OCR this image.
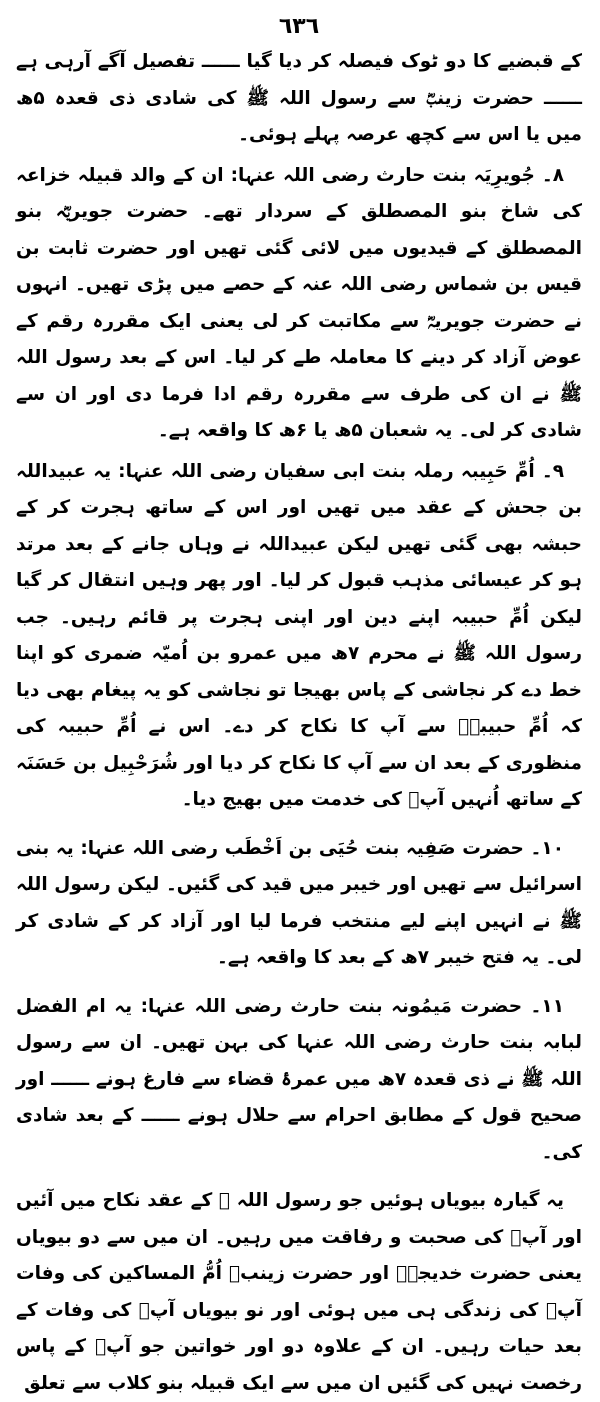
٦٣٦

کے قبضیے کا دو ٹوک فیصلہ کر دیا گیا ــــــ تفصیل آگے آرہی ہے ــــــ حضرت زینبؓ سے رسول اللہ ﷺ کی شادی ذی قعدہ ۵ھ میں یا اس سے کچھ عرصہ پہلے ہوئی۔

۸۔ جُویرِیَہ بنت حارث رضی اللہ عنہا: ان کے والد قبیلہ خزاعہ کی شاخ بنو المصطلق کے سردار تھے۔ حضرت جویریؓہ بنو المصطلق کے قیدیوں میں لائی گئی تھیں اور حضرت ثابت بن قیس بن شماس رضی اللہ عنہ کے حصے میں پڑی تھیں۔ انہوں نے حضرت جویریہؓ سے مکاتبت کر لی یعنی ایک مقررہ رقم کے عوض آزاد کر دینے کا معاملہ طے کر لیا۔ اس کے بعد رسول اللہ ﷺ نے ان کی طرف سے مقررہ رقم ادا فرما دی اور ان سے شادی کر لی۔ یہ شعبان ۵ھ یا ۶ھ کا واقعہ ہے۔

۹۔ اُمِّ حَبِیبہ رملہ بنت ابی سفیان رضی اللہ عنہا: یہ عبیداللہ بن جحش کے عقد میں تھیں اور اس کے ساتھ ہجرت کر کے حبشہ بھی گئی تھیں لیکن عبیداللہ نے وہاں جانے کے بعد مرتد ہو کر عیسائی مذہب قبول کر لیا۔ اور پھر وہیں انتقال کر گیا لیکن اُمِّ حبیبہ اپنے دین اور اپنی ہجرت پر قائم رہیں۔ جب رسول اللہ ﷺ نے محرم ۷ھ میں عمرو بن اُمیّہ ضمری کو اپنا خط دے کر نجاشی کے پاس بھیجا تو نجاشی کو یہ پیغام بھی دیا کہ اُمِّ حبیبہؓ سے آپ کا نکاح کر دے۔ اس نے اُمِّ حبیبہ کی منظوری کے بعد ان سے آپ کا نکاح کر دیا اور شُرَحْبِیل بن حَسَنَہ کے ساتھ اُنہیں آپؐ کی خدمت میں بھیج دیا۔

۱۰۔ حضرت صَفِیہ بنت حُیَی بن اَخْطَب رضی اللہ عنہا: یہ بنی اسرائیل سے تھیں اور خیبر میں قید کی گئیں۔ لیکن رسول اللہ ﷺ نے انہیں اپنے لیے منتخب فرما لیا اور آزاد کر کے شادی کر لی۔ یہ فتح خیبر ۷ھ کے بعد کا واقعہ ہے۔

۱۱۔ حضرت مَیمُونہ بنت حارث رضی اللہ عنہا: یہ ام الفضل لبابہ بنت حارث رضی اللہ عنہا کی بہن تھیں۔ ان سے رسول اللہ ﷺ نے ذی قعدہ ۷ھ میں عمرۂ قضاء سے فارغ ہونے ــــــ اور صحیح قول کے مطابق احرام سے حلال ہونے ــــــ کے بعد شادی کی۔

یہ گیارہ بیویاں ہوئیں جو رسول اللہ ﷺ کے عقد نکاح میں آئیں اور آپؐ کی صحبت و رفاقت میں رہیں۔ ان میں سے دو بیویاں یعنی حضرت خدیجہؓ اور حضرت زینبؓ اُمُّ المساکین کی وفات آپؐ کی زندگی ہی میں ہوئی اور نو بیویاں آپؐ کی وفات کے بعد حیات رہیں۔ ان کے علاوہ دو اور خواتین جو آپؐ کے پاس رخصت نہیں کی گئیں ان میں سے ایک قبیلہ بنو کلاب سے تعلق
